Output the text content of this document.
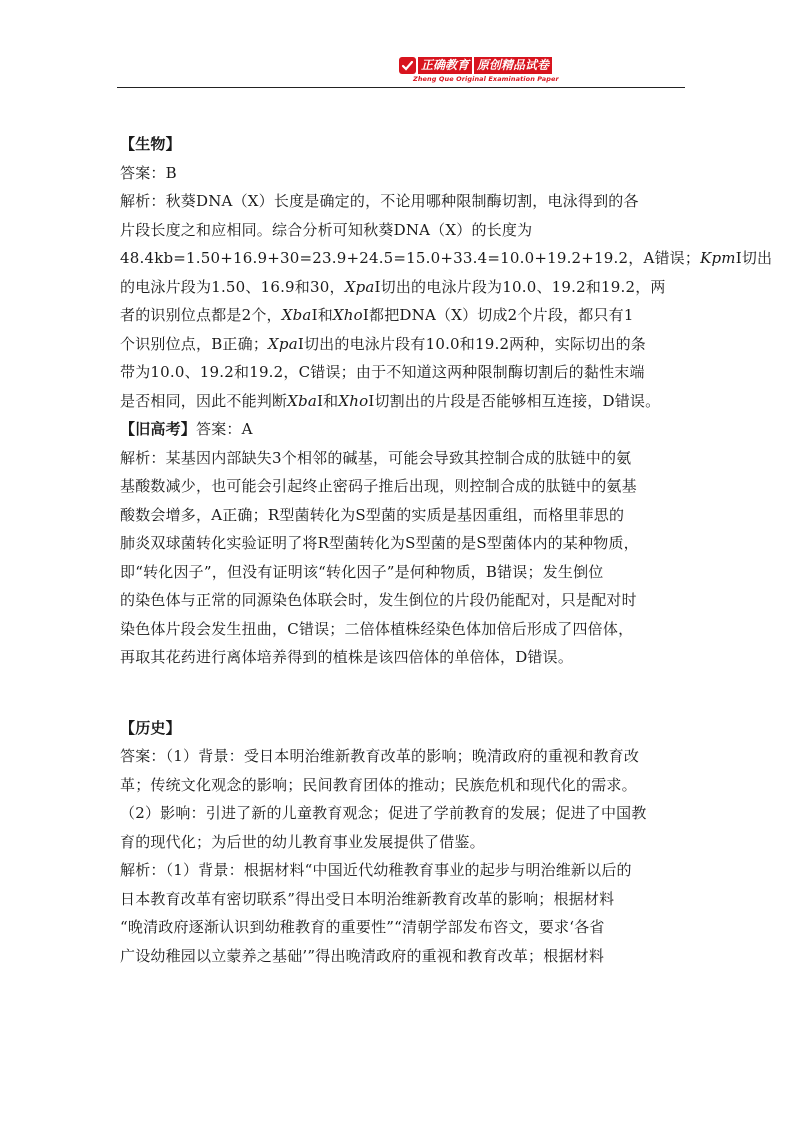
正确教育 原创精品试卷
Zheng Que Original Examination Paper
【生物】
答案：B
解析：秋葵DNA（X）长度是确定的，不论用哪种限制酶切割，电泳得到的各
片段长度之和应相同。综合分析可知秋葵DNA（X）的长度为
48.4kb=1.50+16.9+30=23.9+24.5=15.0+33.4=10.0+19.2+19.2，A错误；KpmI切出
的电泳片段为1.50、16.9和30，XpaI切出的电泳片段为10.0、19.2和19.2，两
者的识别位点都是2个，XbaI和XhoI都把DNA（X）切成2个片段，都只有1
个识别位点，B正确；XpaI切出的电泳片段有10.0和19.2两种，实际切出的条
带为10.0、19.2和19.2，C错误；由于不知道这两种限制酶切割后的黏性末端
是否相同，因此不能判断XbaI和XhoI切割出的片段是否能够相互连接，D错误。
【旧高考】答案：A
解析：某基因内部缺失3个相邻的碱基，可能会导致其控制合成的肽链中的氨
基酸数减少，也可能会引起终止密码子推后出现，则控制合成的肽链中的氨基
酸数会增多，A正确；R型菌转化为S型菌的实质是基因重组，而格里菲思的
肺炎双球菌转化实验证明了将R型菌转化为S型菌的是S型菌体内的某种物质，
即“转化因子”，但没有证明该“转化因子”是何种物质，B错误；发生倒位
的染色体与正常的同源染色体联会时，发生倒位的片段仍能配对，只是配对时
染色体片段会发生扭曲，C错误；二倍体植株经染色体加倍后形成了四倍体，
再取其花药进行离体培养得到的植株是该四倍体的单倍体，D错误。
【历史】
答案：（1）背景：受日本明治维新教育改革的影响；晚清政府的重视和教育改
革；传统文化观念的影响；民间教育团体的推动；民族危机和现代化的需求。
（2）影响：引进了新的儿童教育观念；促进了学前教育的发展；促进了中国教
育的现代化；为后世的幼儿教育事业发展提供了借鉴。
解析：（1）背景：根据材料“中国近代幼稚教育事业的起步与明治维新以后的
日本教育改革有密切联系”得出受日本明治维新教育改革的影响；根据材料
“晚清政府逐渐认识到幼稚教育的重要性”“清朝学部发布咨文，要求‘各省
广设幼稚园以立蒙养之基础’”得出晚清政府的重视和教育改革；根据材料
